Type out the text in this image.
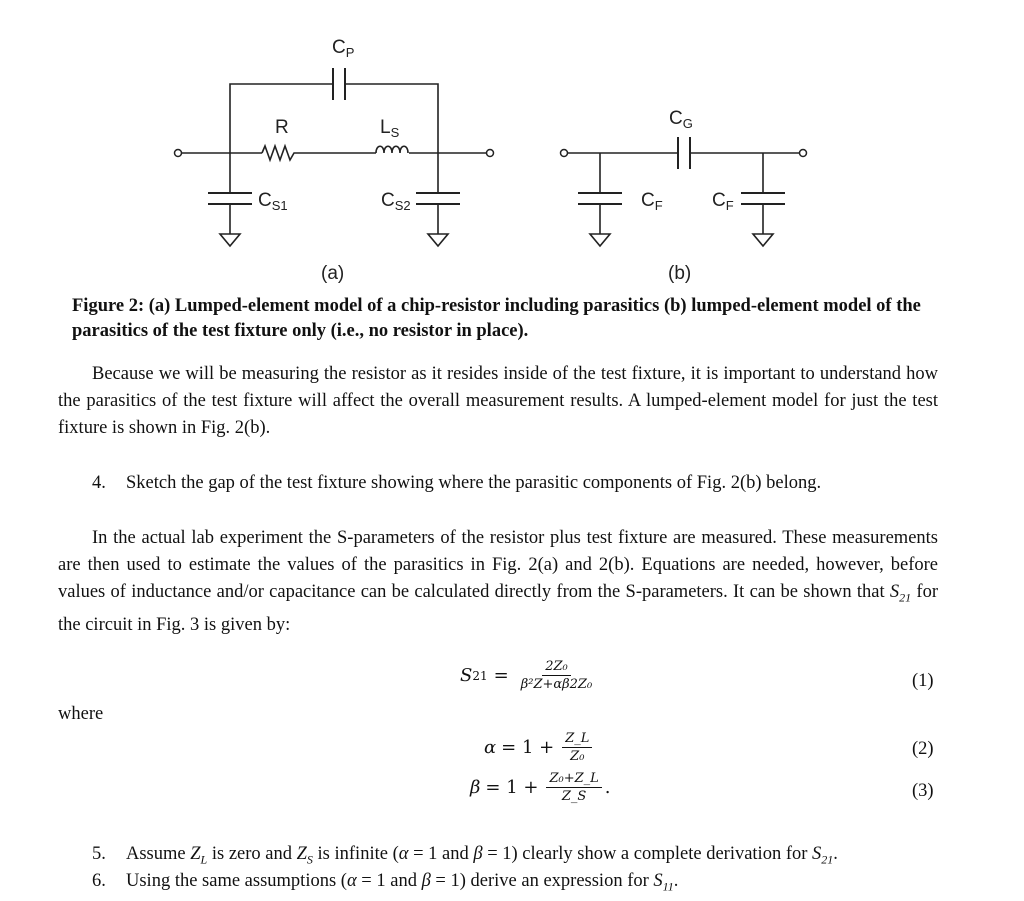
$C_P$
R	$L_S$
$C_{S1}$	$C_{S2}$
$C_G$
$C_F$	$C_F$
(a)	(b)
Figure 2: (a) Lumped-element model of a chip-resistor including parasitics (b) lumped-element model of the parasitics of the test fixture only (i.e., no resistor in place).
Because we will be measuring the resistor as it resides inside of the test fixture, it is important to understand how the parasitics of the test fixture will affect the overall measurement results. A lumped-element model for just the test fixture is shown in Fig. 2(b).
4. Sketch the gap of the test fixture showing where the parasitic components of Fig. 2(b) belong.
In the actual lab experiment the S-parameters of the resistor plus test fixture are measured. These measurements are then used to estimate the values of the parasitics in Fig. 2(a) and 2(b). Equations are needed, however, before values of inductance and/or capacitance can be calculated directly from the S-parameters. It can be shown that $S_{21}$ for the circuit in Fig. 3 is given by:
S $21 = \frac{\text{2Z₀}}{\text{β²Z+αβ2Z₀}}$	(1)
where
$\alpha = 1 + \frac{Z\_L}{\text{Z₀}}$	(2)
$\beta = 1 + \frac{\text{Z₀+Z\_L}}{Z\_S}$ .	(3)
5. Assume $Z_L$ is zero and $Z_S$ is infinite (α = 1 and β = 1) clearly show a complete derivation for $S_{21}$.
6. Using the same assumptions (α = 1 and β = 1) derive an expression for $S_{11}$.
